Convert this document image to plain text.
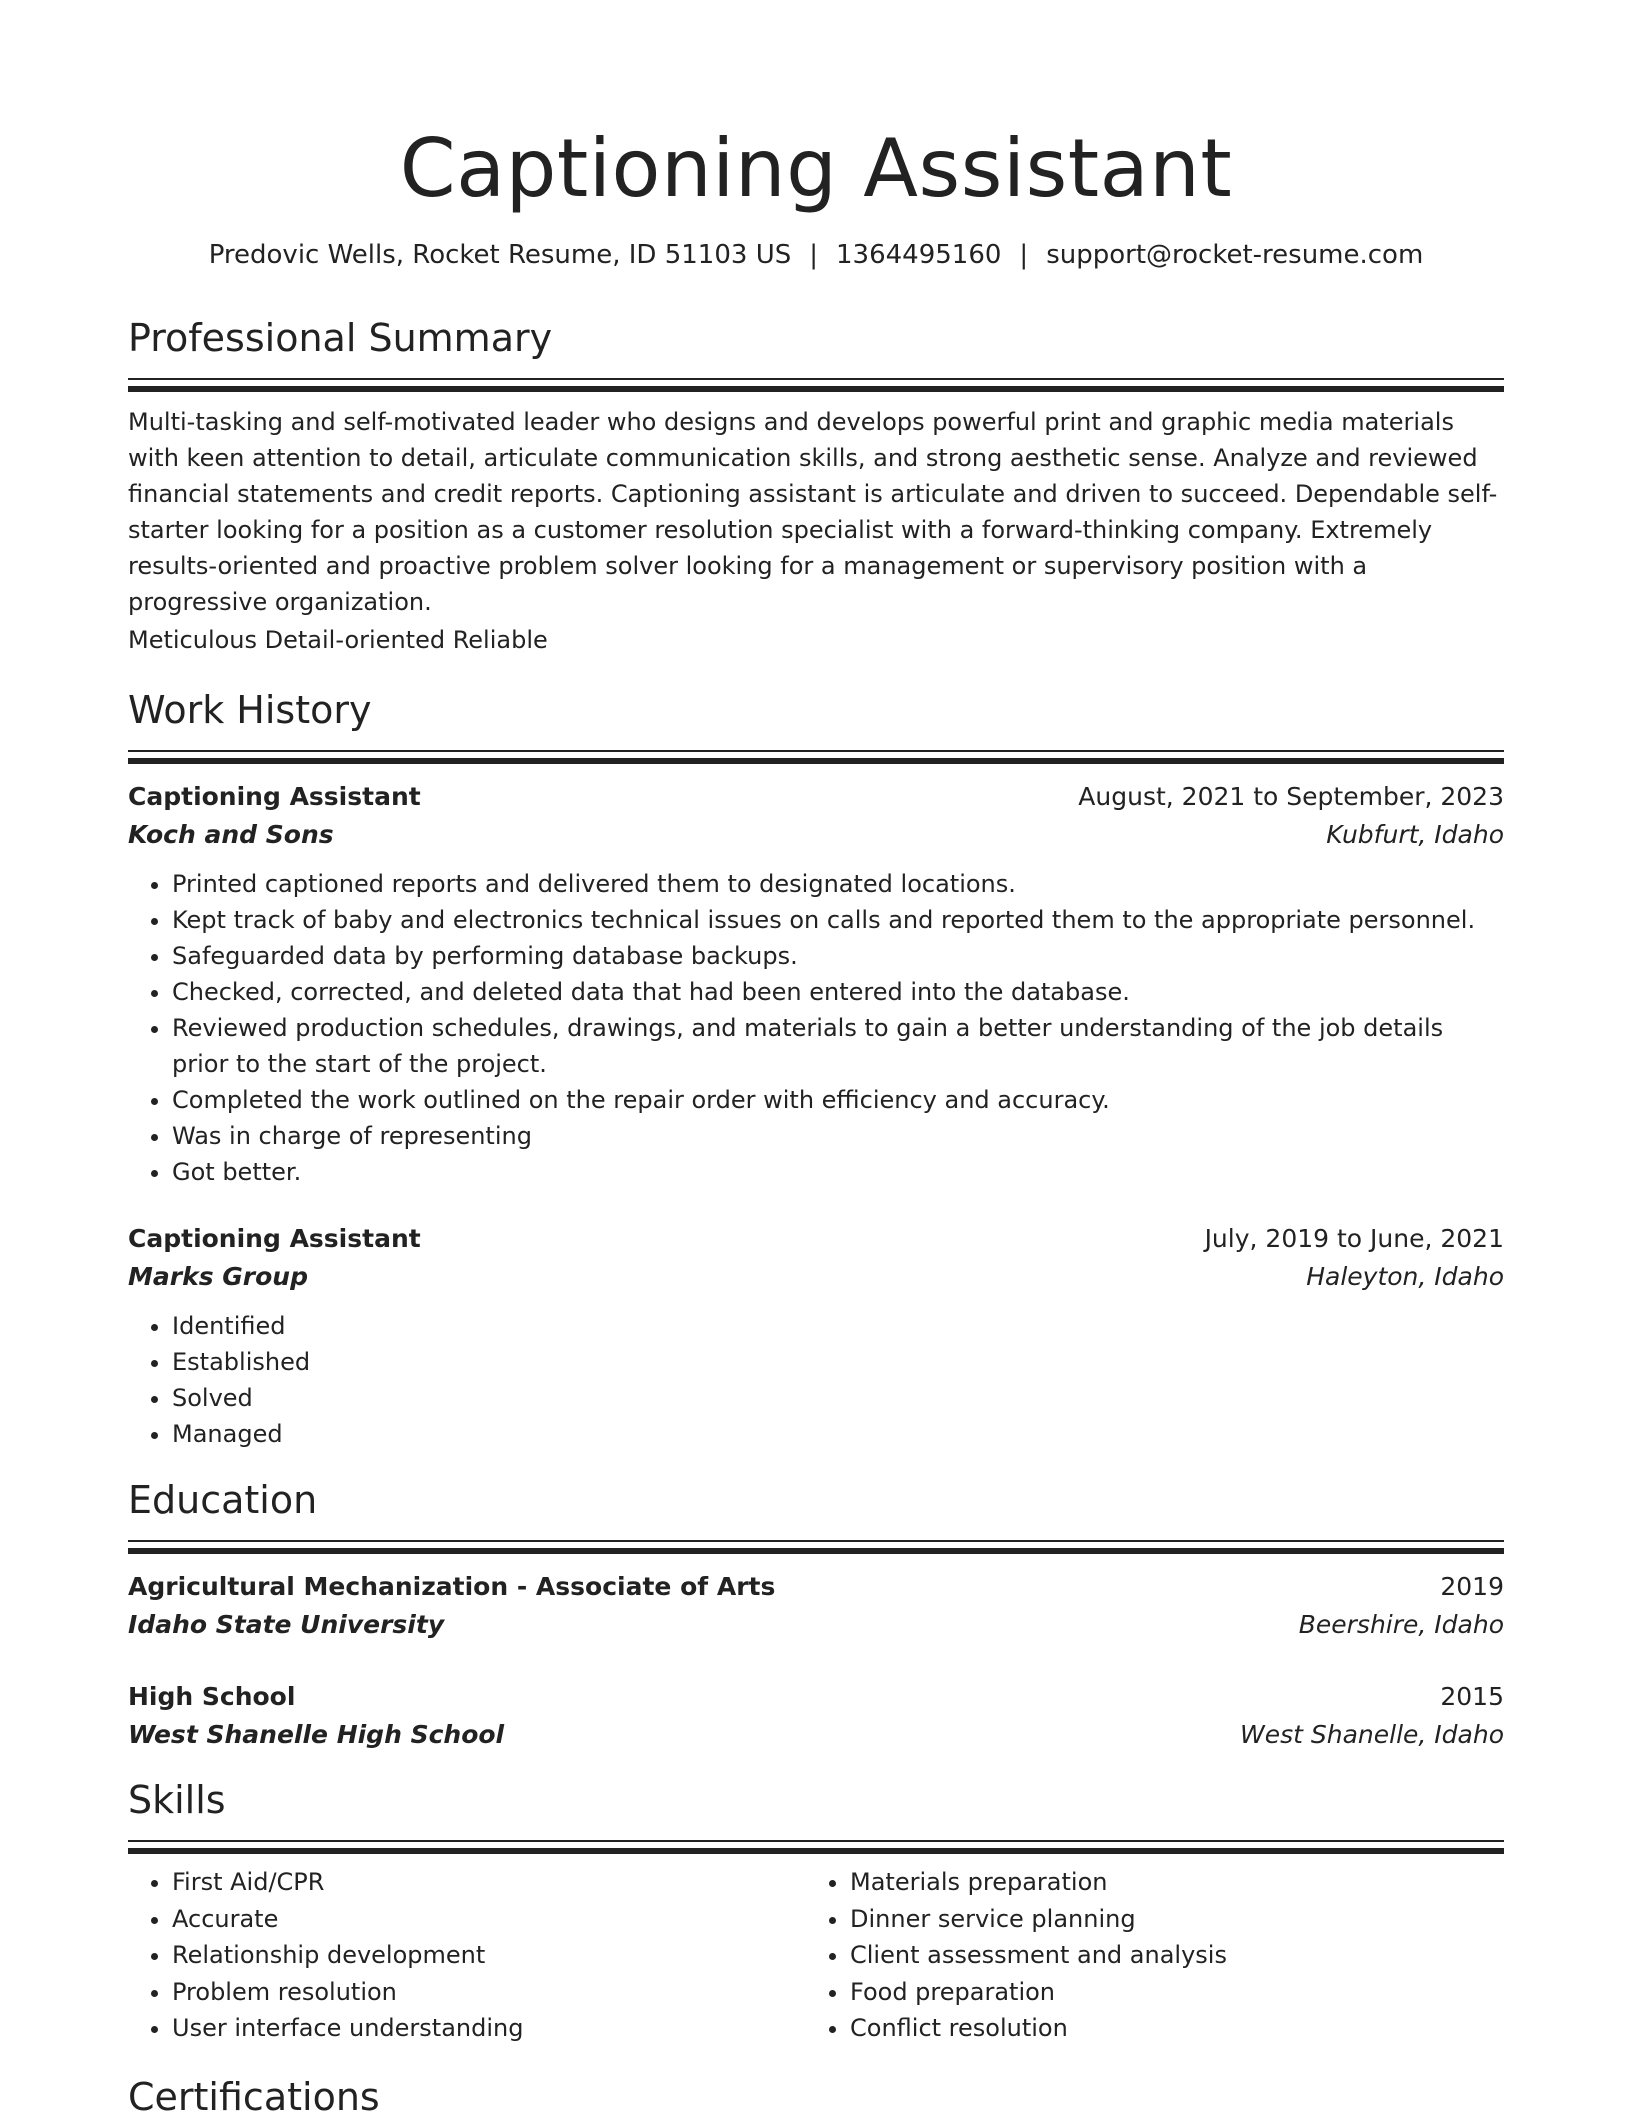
Captioning Assistant
Predovic Wells, Rocket Resume, ID 51103 US | 1364495160 | support@rocket-resume.com
Professional Summary
Multi-tasking and self-motivated leader who designs and develops powerful print and graphic media materials with keen attention to detail, articulate communication skills, and strong aesthetic sense. Analyze and reviewed financial statements and credit reports. Captioning assistant is articulate and driven to succeed. Dependable self-starter looking for a position as a customer resolution specialist with a forward-thinking company. Extremely results-oriented and proactive problem solver looking for a management or supervisory position with a progressive organization.
Meticulous Detail-oriented Reliable
Work History
Captioning Assistant	August, 2021 to September, 2023
Koch and Sons	Kubfurt, Idaho
• Printed captioned reports and delivered them to designated locations.
• Kept track of baby and electronics technical issues on calls and reported them to the appropriate personnel.
• Safeguarded data by performing database backups.
• Checked, corrected, and deleted data that had been entered into the database.
• Reviewed production schedules, drawings, and materials to gain a better understanding of the job details prior to the start of the project.
• Completed the work outlined on the repair order with efficiency and accuracy.
• Was in charge of representing
• Got better.
Captioning Assistant	July, 2019 to June, 2021
Marks Group	Haleyton, Idaho
• Identified
• Established
• Solved
• Managed
Education
Agricultural Mechanization - Associate of Arts	2019
Idaho State University	Beershire, Idaho
High School	2015
West Shanelle High School	West Shanelle, Idaho
Skills
• First Aid/CPR
• Accurate
• Relationship development
• Problem resolution
• User interface understanding
• Materials preparation
• Dinner service planning
• Client assessment and analysis
• Food preparation
• Conflict resolution
Certifications
